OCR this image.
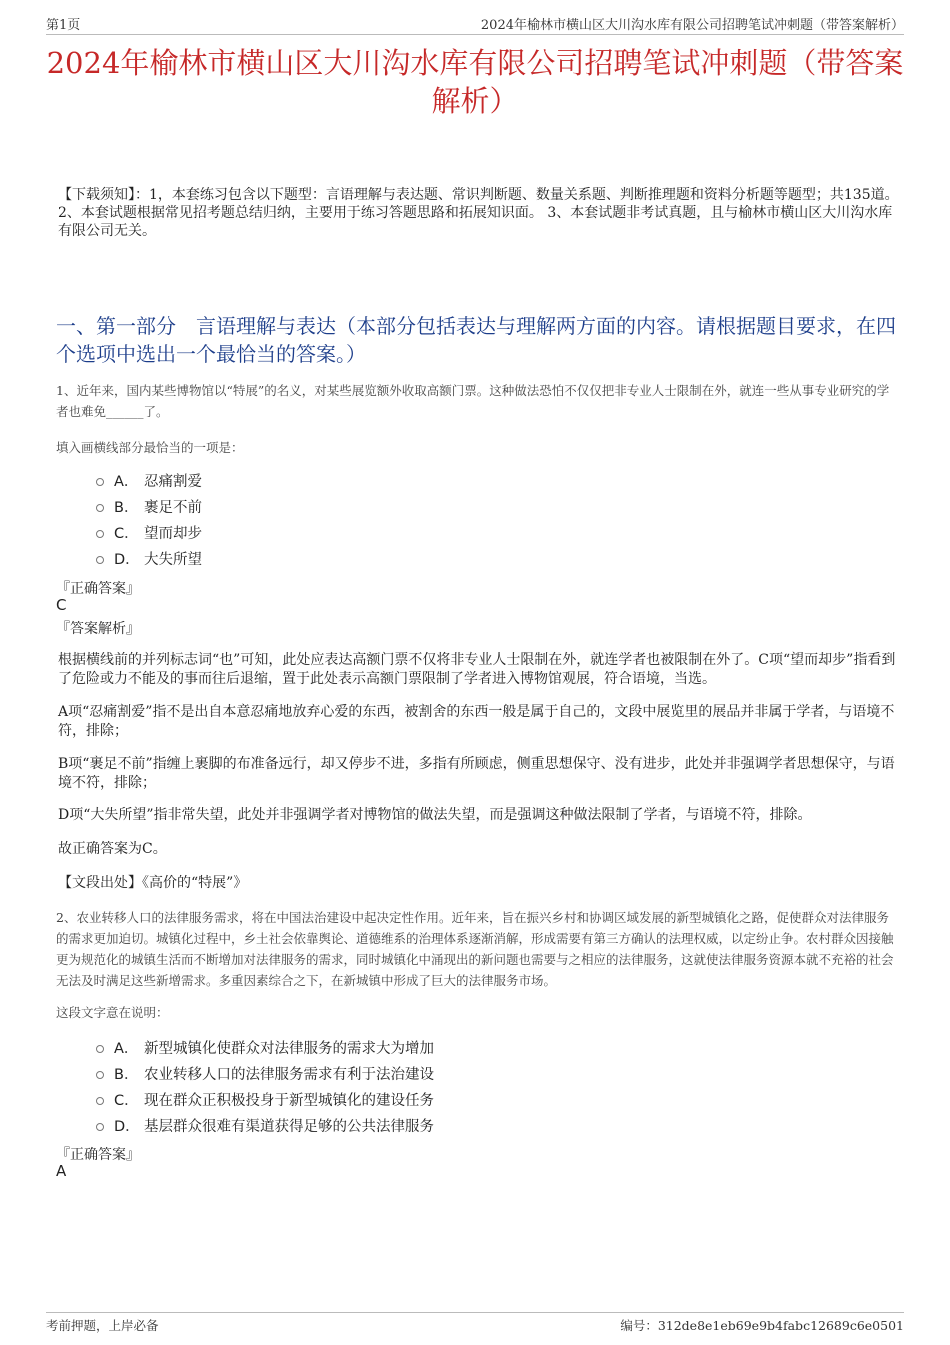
第1页	2024年榆林市横山区大川沟水库有限公司招聘笔试冲刺题（带答案解析）
2024年榆林市横山区大川沟水库有限公司招聘笔试冲刺题（带答案解析）
【下载须知】：1，本套练习包含以下题型：言语理解与表达题、常识判断题、数量关系题、判断推理题和资料分析题等题型；共135道。 2、本套试题根据常见招考题总结归纳，主要用于练习答题思路和拓展知识面。 3、本套试题非考试真题，且与榆林市横山区大川沟水库有限公司无关。
一、第一部分　言语理解与表达（本部分包括表达与理解两方面的内容。请根据题目要求，在四个选项中选出一个最恰当的答案。）
1、近年来，国内某些博物馆以“特展”的名义，对某些展览额外收取高额门票。这种做法恐怕不仅仅把非专业人士限制在外，就连一些从事专业研究的学者也难免______了。
填入画横线部分最恰当的一项是：
A． 忍痛割爱
B． 裹足不前
C． 望而却步
D． 大失所望
『正确答案』
C
『答案解析』
根据横线前的并列标志词“也”可知，此处应表达高额门票不仅将非专业人士限制在外，就连学者也被限制在外了。C项“望而却步”指看到了危险或力不能及的事而往后退缩，置于此处表示高额门票限制了学者进入博物馆观展，符合语境，当选。
A项“忍痛割爱”指不是出自本意忍痛地放弃心爱的东西，被割舍的东西一般是属于自己的，文段中展览里的展品并非属于学者，与语境不符，排除；
B项“裹足不前”指缠上裹脚的布准备远行，却又停步不进，多指有所顾虑，侧重思想保守、没有进步，此处并非强调学者思想保守，与语境不符，排除；
D项“大失所望”指非常失望，此处并非强调学者对博物馆的做法失望，而是强调这种做法限制了学者，与语境不符，排除。
故正确答案为C。
【文段出处】《高价的“特展”》
2、农业转移人口的法律服务需求，将在中国法治建设中起决定性作用。近年来，旨在振兴乡村和协调区域发展的新型城镇化之路，促使群众对法律服务的需求更加迫切。城镇化过程中，乡土社会依靠舆论、道德维系的治理体系逐渐消解，形成需要有第三方确认的法理权威，以定纷止争。农村群众因接触更为规范化的城镇生活而不断增加对法律服务的需求，同时城镇化中涌现出的新问题也需要与之相应的法律服务，这就使法律服务资源本就不充裕的社会无法及时满足这些新增需求。多重因素综合之下，在新城镇中形成了巨大的法律服务市场。
这段文字意在说明：
A． 新型城镇化使群众对法律服务的需求大为增加
B． 农业转移人口的法律服务需求有利于法治建设
C． 现在群众正积极投身于新型城镇化的建设任务
D． 基层群众很难有渠道获得足够的公共法律服务
『正确答案』
A
考前押题，上岸必备	编号：312de8e1eb69e9b4fabc12689c6e0501
